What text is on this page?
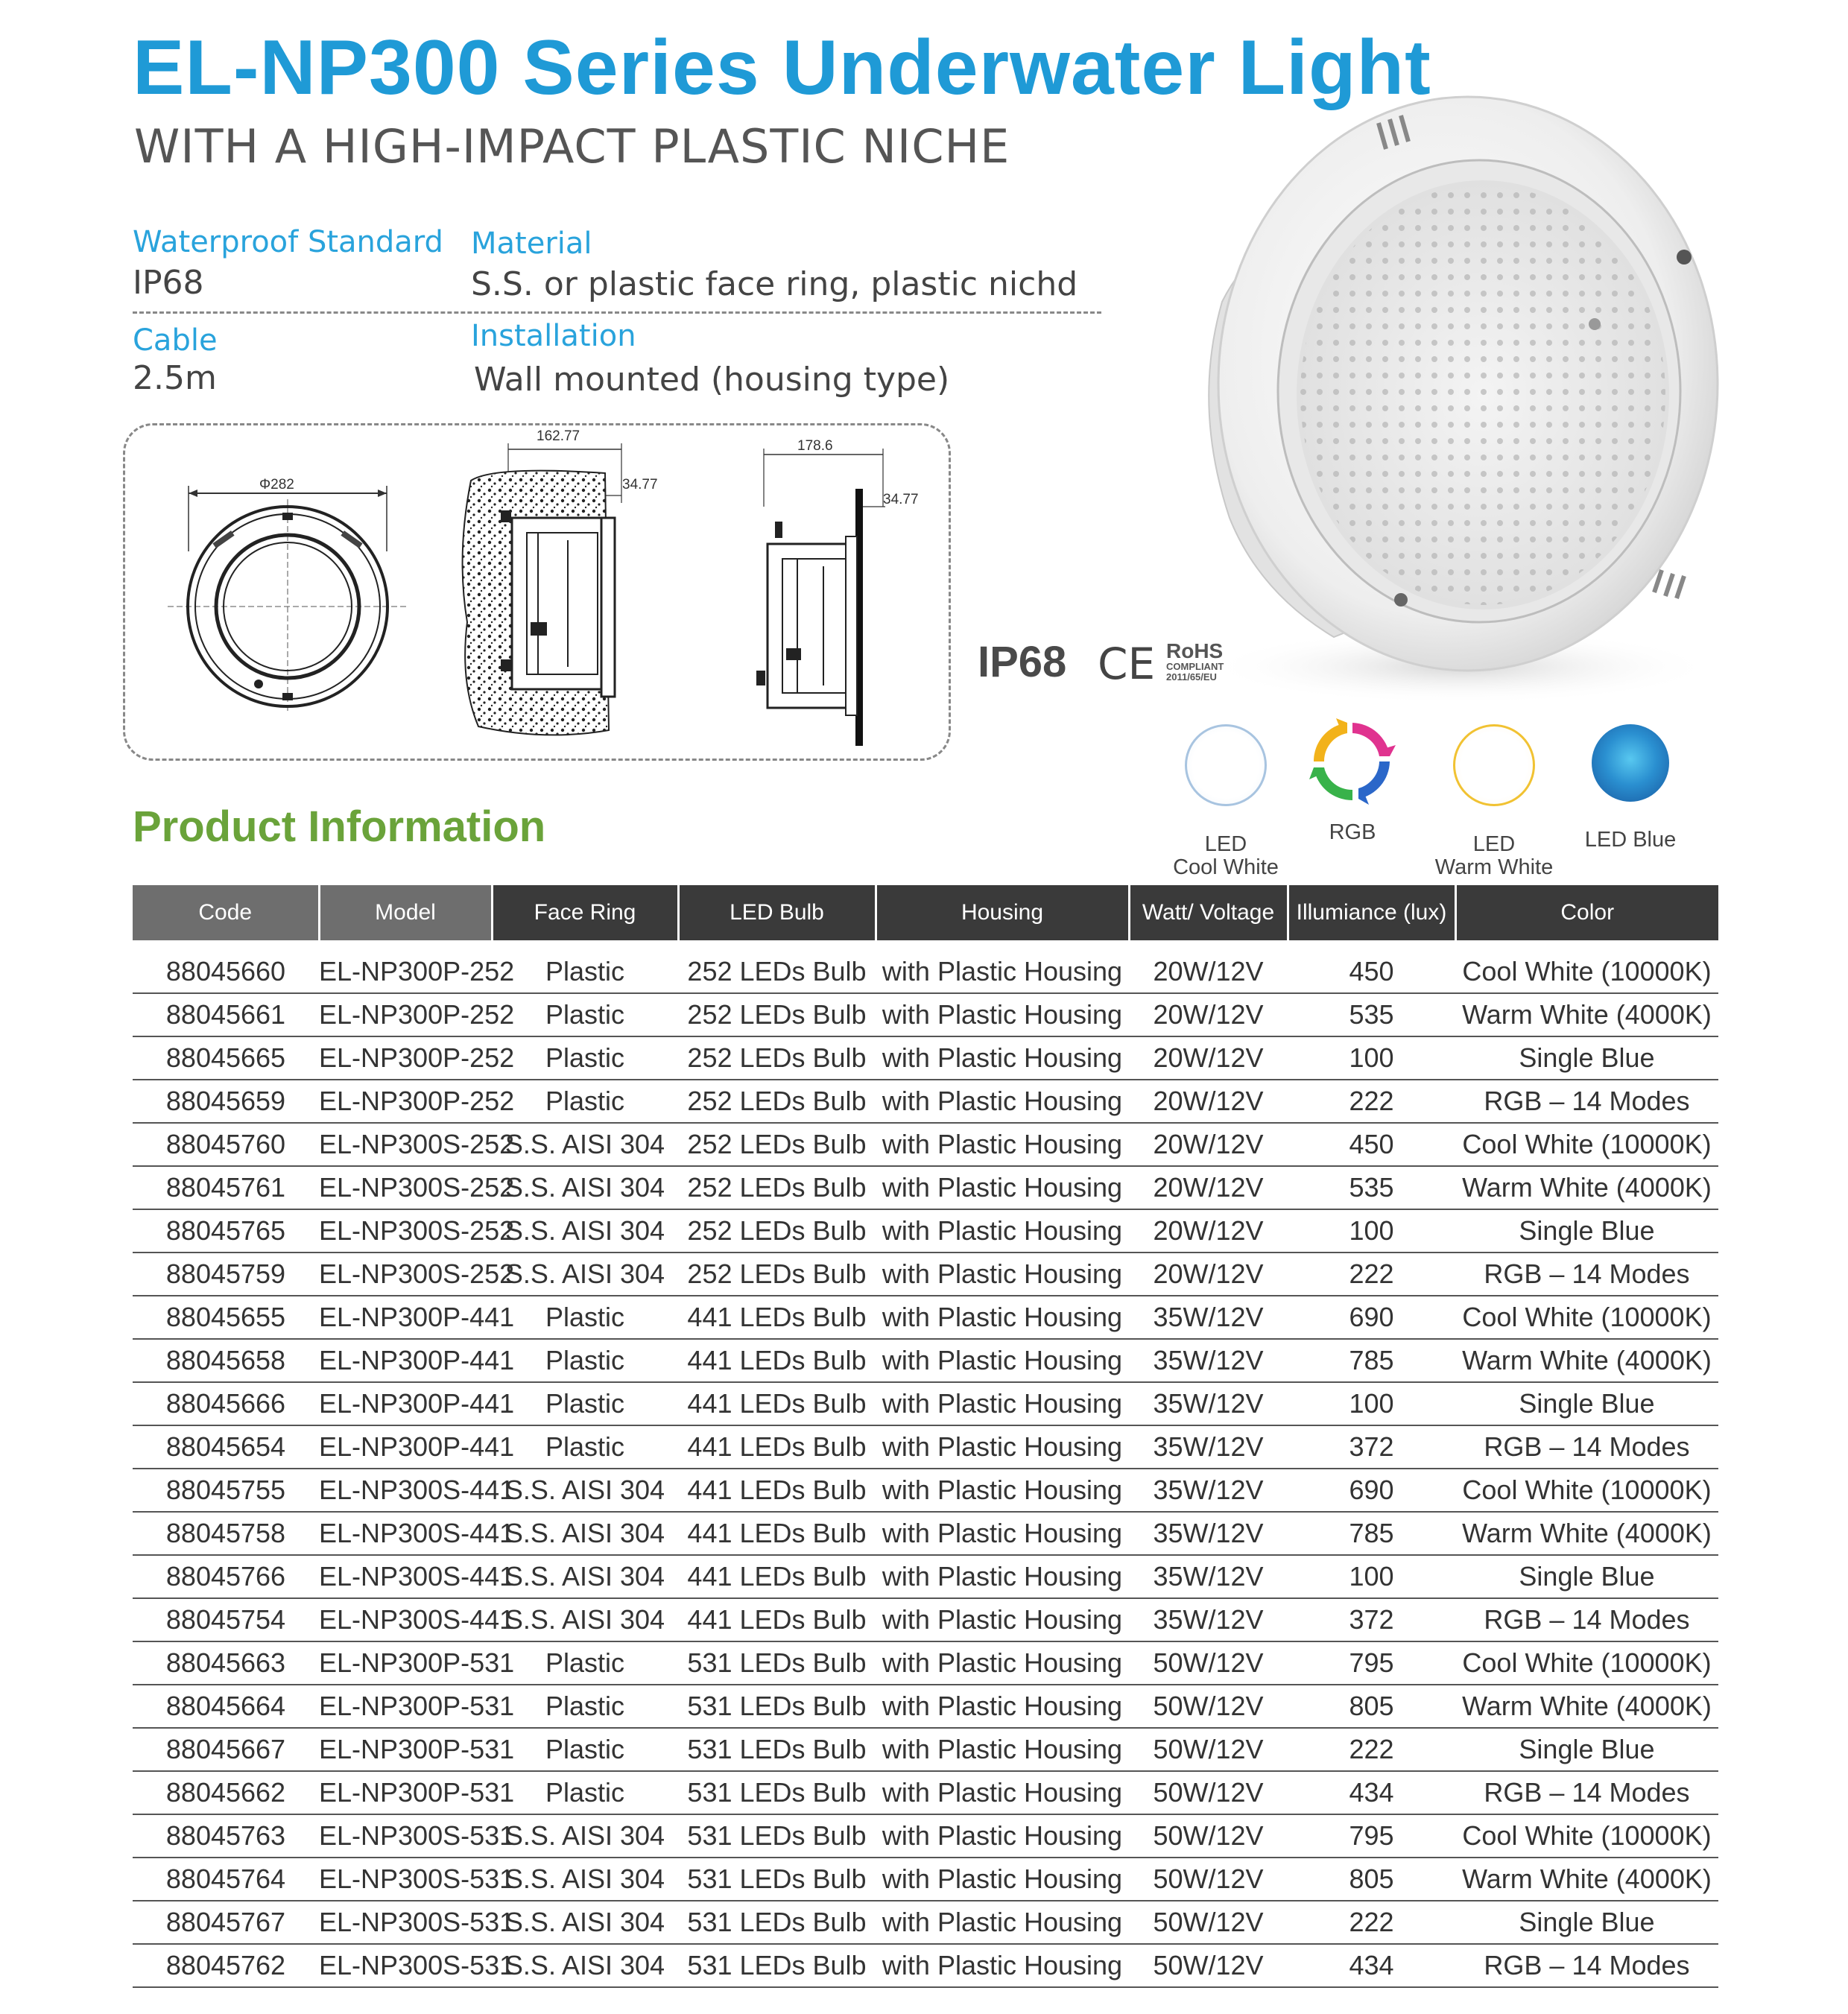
EL-NP300 Series Underwater Light
WITH A HIGH-IMPACT PLASTIC NICHE
Waterproof Standard
IP68
Material
S.S. or plastic face ring, plastic nichd
Cable
2.5m
Installation
Wall mounted (housing type)
Φ282
162.77
34.77
178.6
34.77
IP68 CE RoHS
COMPLIANT
2011/65/EU
LED
Cool White
RGB	LED
Warm White
LED Blue
Product Information
Code	Model	Face Ring	LED Bulb	Housing	Watt/ Voltage	Illumiance (lux)	Color

88045660	EL-NP300P-252	Plastic	252 LEDs Bulb	with Plastic Housing	20W/12V	450	Cool White (10000K)
88045661	EL-NP300P-252	Plastic	252 LEDs Bulb	with Plastic Housing	20W/12V	535	Warm White (4000K)
88045665	EL-NP300P-252	Plastic	252 LEDs Bulb	with Plastic Housing	20W/12V	100	Single Blue
88045659	EL-NP300P-252	Plastic	252 LEDs Bulb	with Plastic Housing	20W/12V	222	RGB – 14 Modes
88045760	EL-NP300S-252	S.S. AISI 304	252 LEDs Bulb	with Plastic Housing	20W/12V	450	Cool White (10000K)
88045761	EL-NP300S-252	S.S. AISI 304	252 LEDs Bulb	with Plastic Housing	20W/12V	535	Warm White (4000K)
88045765	EL-NP300S-252	S.S. AISI 304	252 LEDs Bulb	with Plastic Housing	20W/12V	100	Single Blue
88045759	EL-NP300S-252	S.S. AISI 304	252 LEDs Bulb	with Plastic Housing	20W/12V	222	RGB – 14 Modes
88045655	EL-NP300P-441	Plastic	441 LEDs Bulb	with Plastic Housing	35W/12V	690	Cool White (10000K)
88045658	EL-NP300P-441	Plastic	441 LEDs Bulb	with Plastic Housing	35W/12V	785	Warm White (4000K)
88045666	EL-NP300P-441	Plastic	441 LEDs Bulb	with Plastic Housing	35W/12V	100	Single Blue
88045654	EL-NP300P-441	Plastic	441 LEDs Bulb	with Plastic Housing	35W/12V	372	RGB – 14 Modes
88045755	EL-NP300S-441	S.S. AISI 304	441 LEDs Bulb	with Plastic Housing	35W/12V	690	Cool White (10000K)
88045758	EL-NP300S-441	S.S. AISI 304	441 LEDs Bulb	with Plastic Housing	35W/12V	785	Warm White (4000K)
88045766	EL-NP300S-441	S.S. AISI 304	441 LEDs Bulb	with Plastic Housing	35W/12V	100	Single Blue
88045754	EL-NP300S-441	S.S. AISI 304	441 LEDs Bulb	with Plastic Housing	35W/12V	372	RGB – 14 Modes
88045663	EL-NP300P-531	Plastic	531 LEDs Bulb	with Plastic Housing	50W/12V	795	Cool White (10000K)
88045664	EL-NP300P-531	Plastic	531 LEDs Bulb	with Plastic Housing	50W/12V	805	Warm White (4000K)
88045667	EL-NP300P-531	Plastic	531 LEDs Bulb	with Plastic Housing	50W/12V	222	Single Blue
88045662	EL-NP300P-531	Plastic	531 LEDs Bulb	with Plastic Housing	50W/12V	434	RGB – 14 Modes
88045763	EL-NP300S-531	S.S. AISI 304	531 LEDs Bulb	with Plastic Housing	50W/12V	795	Cool White (10000K)
88045764	EL-NP300S-531	S.S. AISI 304	531 LEDs Bulb	with Plastic Housing	50W/12V	805	Warm White (4000K)
88045767	EL-NP300S-531	S.S. AISI 304	531 LEDs Bulb	with Plastic Housing	50W/12V	222	Single Blue
88045762	EL-NP300S-531	S.S. AISI 304	531 LEDs Bulb	with Plastic Housing	50W/12V	434	RGB – 14 Modes
